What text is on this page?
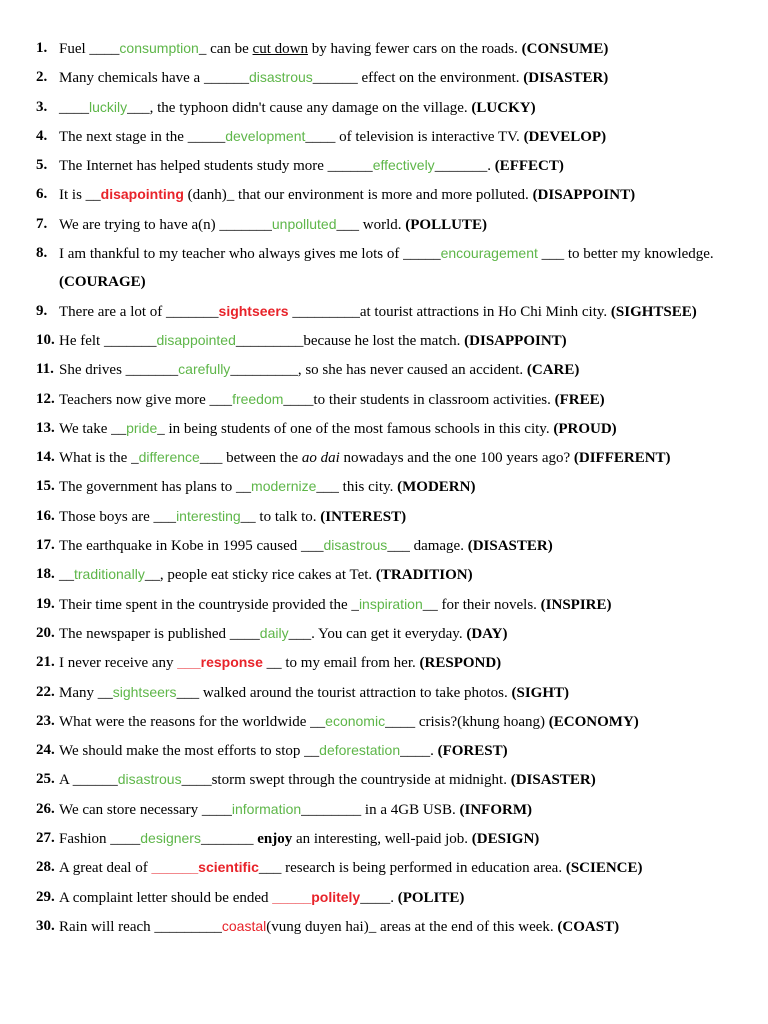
1. Fuel ____consumption_ can be cut down by having fewer cars on the roads. (CONSUME)
2. Many chemicals have a ______disastrous______ effect on the environment. (DISASTER)
3. ____luckily___, the typhoon didn't cause any damage on the village. (LUCKY)
4. The next stage in the _____development____ of television is interactive TV. (DEVELOP)
5. The Internet has helped students study more ______effectively_______. (EFFECT)
6. It is __disapointing (danh)_ that our environment is more and more polluted. (DISAPPOINT)
7. We are trying to have a(n) _______unpolluted___ world. (POLLUTE)
8. I am thankful to my teacher who always gives me lots of _____encouragement ___ to better my knowledge. (COURAGE)
9. There are a lot of _______sightseers _________at tourist attractions in Ho Chi Minh city. (SIGHTSEE)
10. He felt _______disappointed_________because he lost the match. (DISAPPOINT)
11. She drives _______carefully_________, so she has never caused an accident. (CARE)
12. Teachers now give more ___freedom____to their students in classroom activities. (FREE)
13. We take __pride_ in being students of one of the most famous schools in this city. (PROUD)
14. What is the _difference___ between the ao dai nowadays and the one 100 years ago? (DIFFERENT)
15. The government has plans to __modernize___ this city. (MODERN)
16. Those boys are ___interesting__ to talk to. (INTEREST)
17. The earthquake in Kobe in 1995 caused ___disastrous___ damage. (DISASTER)
18. __traditionally__, people eat sticky rice cakes at Tet. (TRADITION)
19. Their time spent in the countryside provided the _inspiration__ for their novels. (INSPIRE)
20. The newspaper is published ____daily___. You can get it everyday. (DAY)
21. I never receive any ___response __ to my email from her. (RESPOND)
22. Many __sightseers___ walked around the tourist attraction to take photos. (SIGHT)
23. What were the reasons for the worldwide __economic____ crisis?(khung hoang) (ECONOMY)
24. We should make the most efforts to stop __deforestation____. (FOREST)
25. A ______disastrous____storm swept through the countryside at midnight. (DISASTER)
26. We can store necessary ____information________ in a 4GB USB. (INFORM)
27. Fashion ____designers_______ enjoy an interesting, well-paid job. (DESIGN)
28. A great deal of ______scientific___ research is being performed in education area. (SCIENCE)
29. A complaint letter should be ended _____politely____. (POLITE)
30. Rain will reach _________coastal(vung duyen hai)_ areas at the end of this week. (COAST)
